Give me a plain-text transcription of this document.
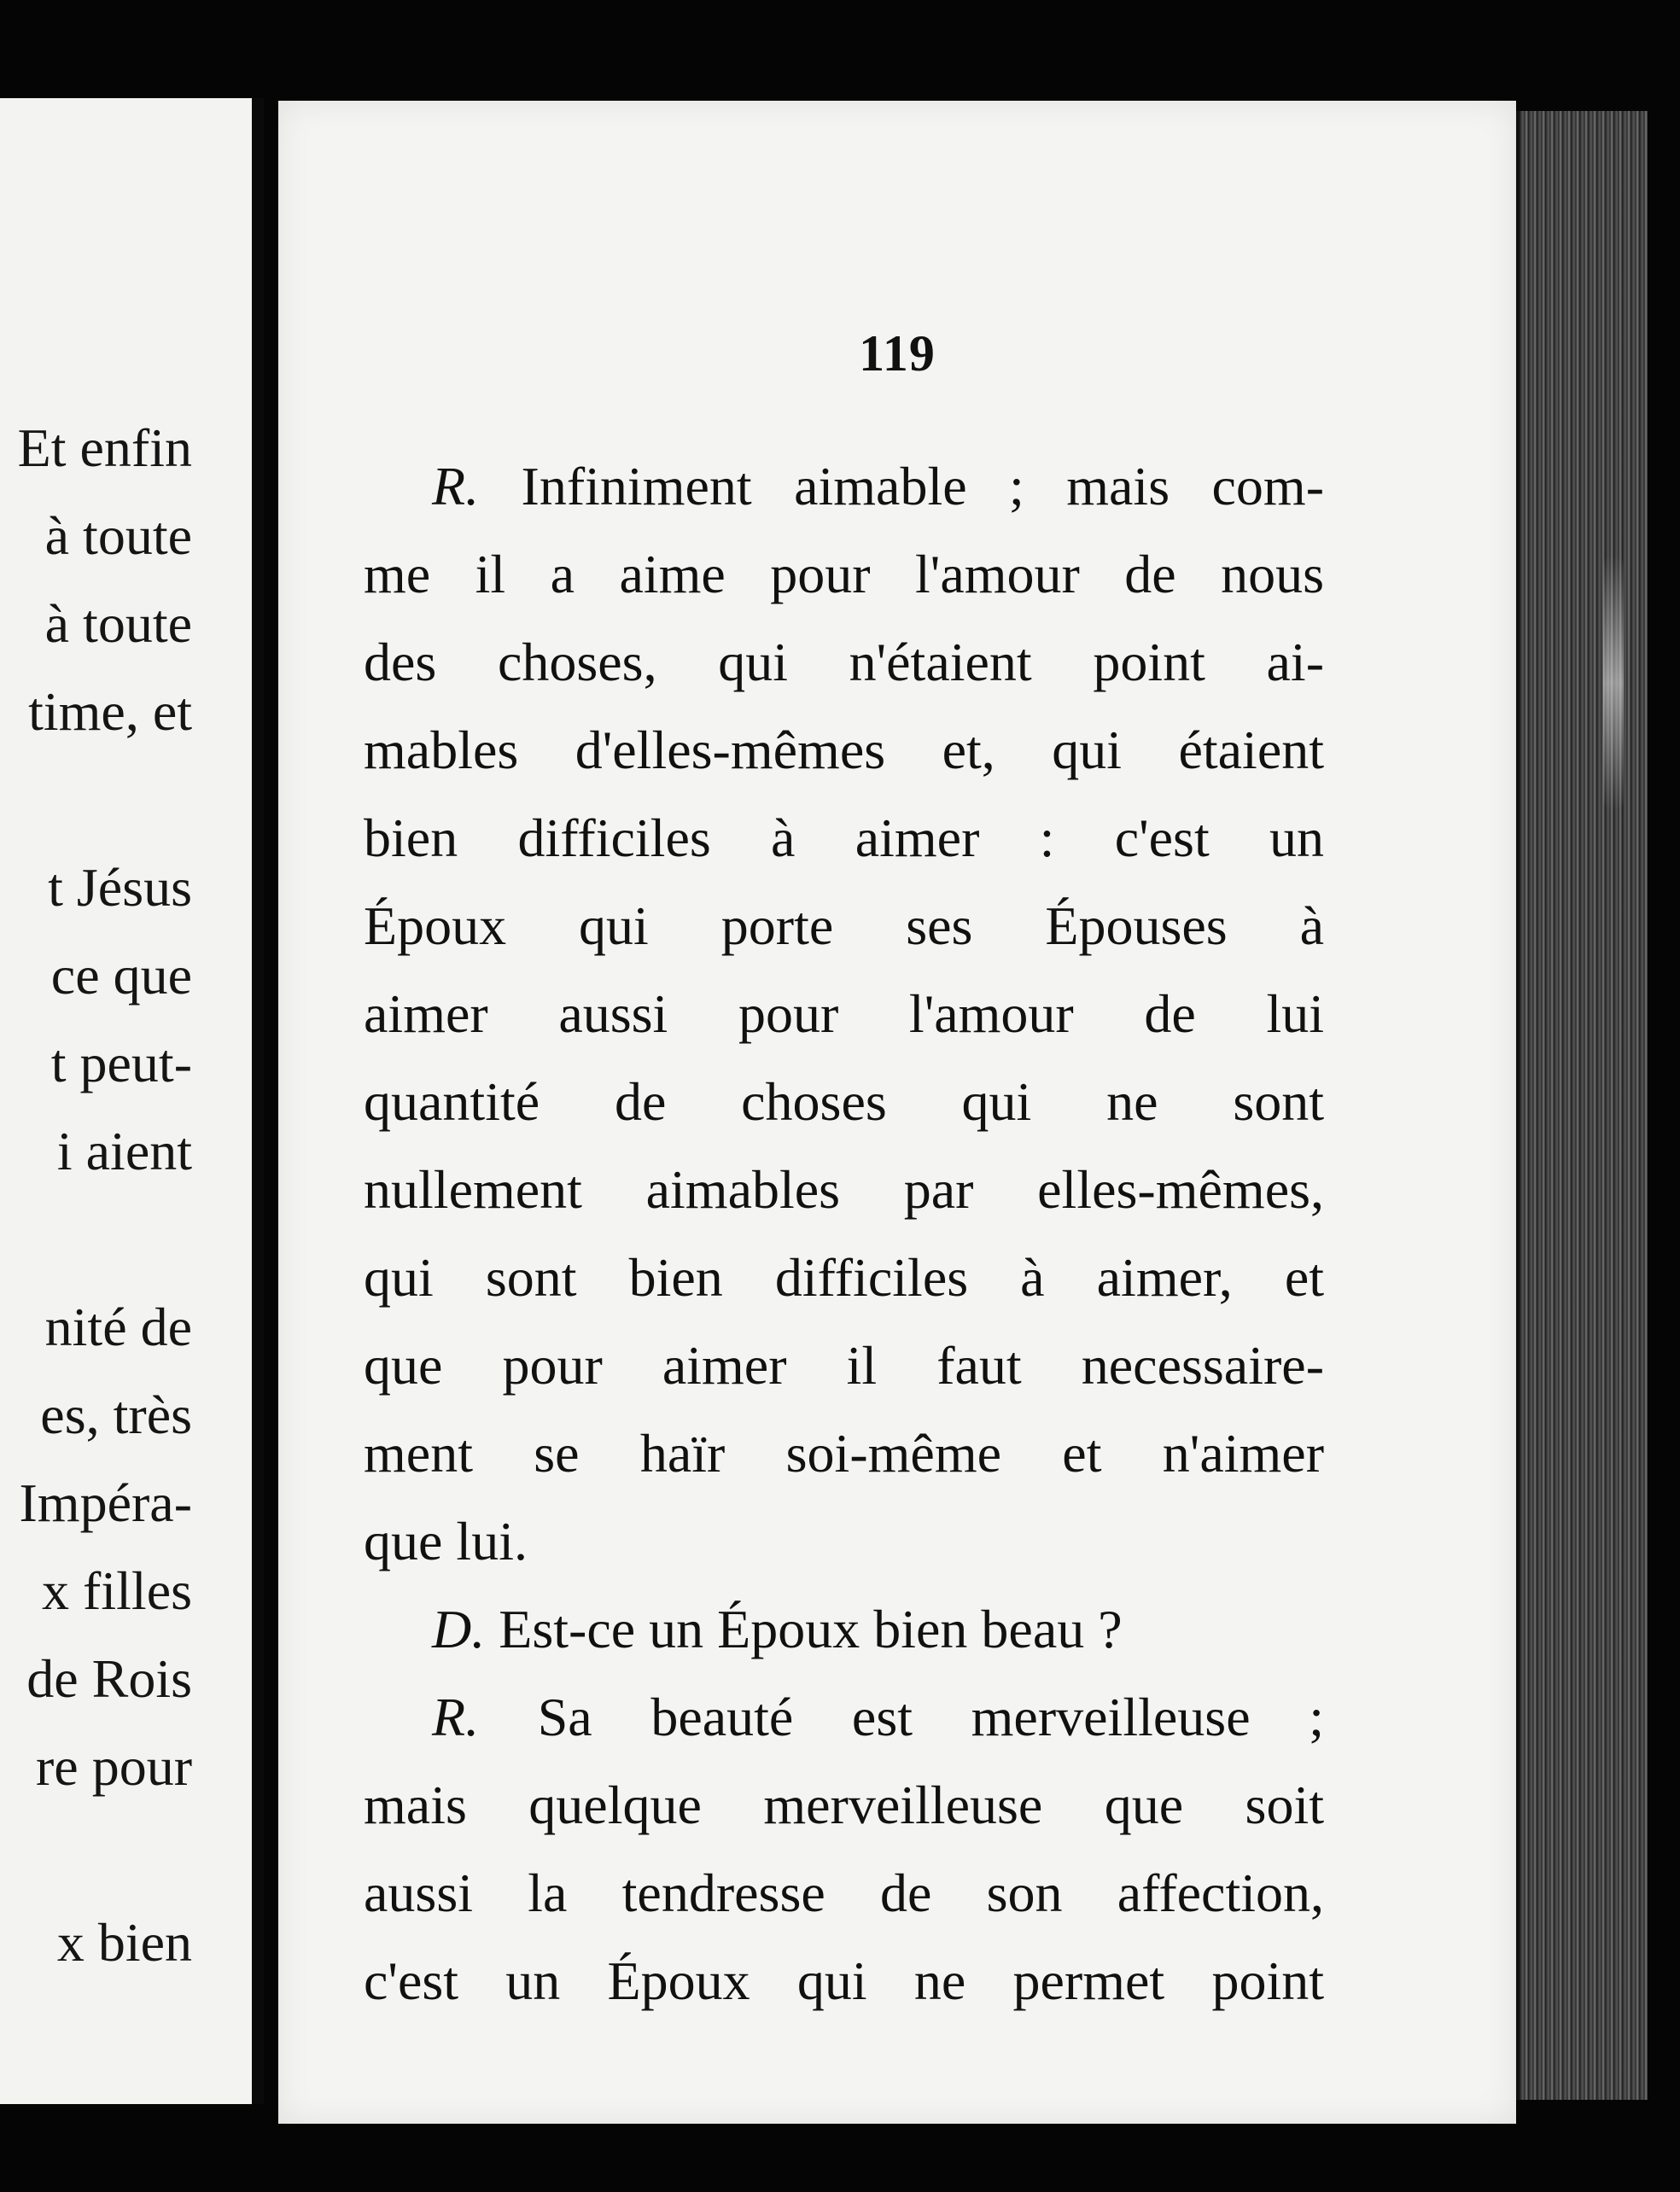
Et enfin
à toute
à toute
time, et
t Jésus
ce que
t peut-
i aient
nité de
es, très
Impéra-
x filles
de Rois
re pour
x bien
119
R. Infiniment aimable ; mais com-
me il a aime pour l'amour de nous
des choses, qui n'étaient point ai-
mables d'elles-mêmes et, qui étaient
bien difficiles à aimer : c'est un
Époux qui porte ses Épouses à
aimer aussi pour l'amour de lui
quantité de choses qui ne sont
nullement aimables par elles-mêmes,
qui sont bien difficiles à aimer, et
que pour aimer il faut necessaire-
ment se haïr soi-même et n'aimer
que lui.
D. Est-ce un Époux bien beau ?
R. Sa beauté est merveilleuse ;
mais quelque merveilleuse que soit
aussi la tendresse de son affection,
c'est un Époux qui ne permet point
